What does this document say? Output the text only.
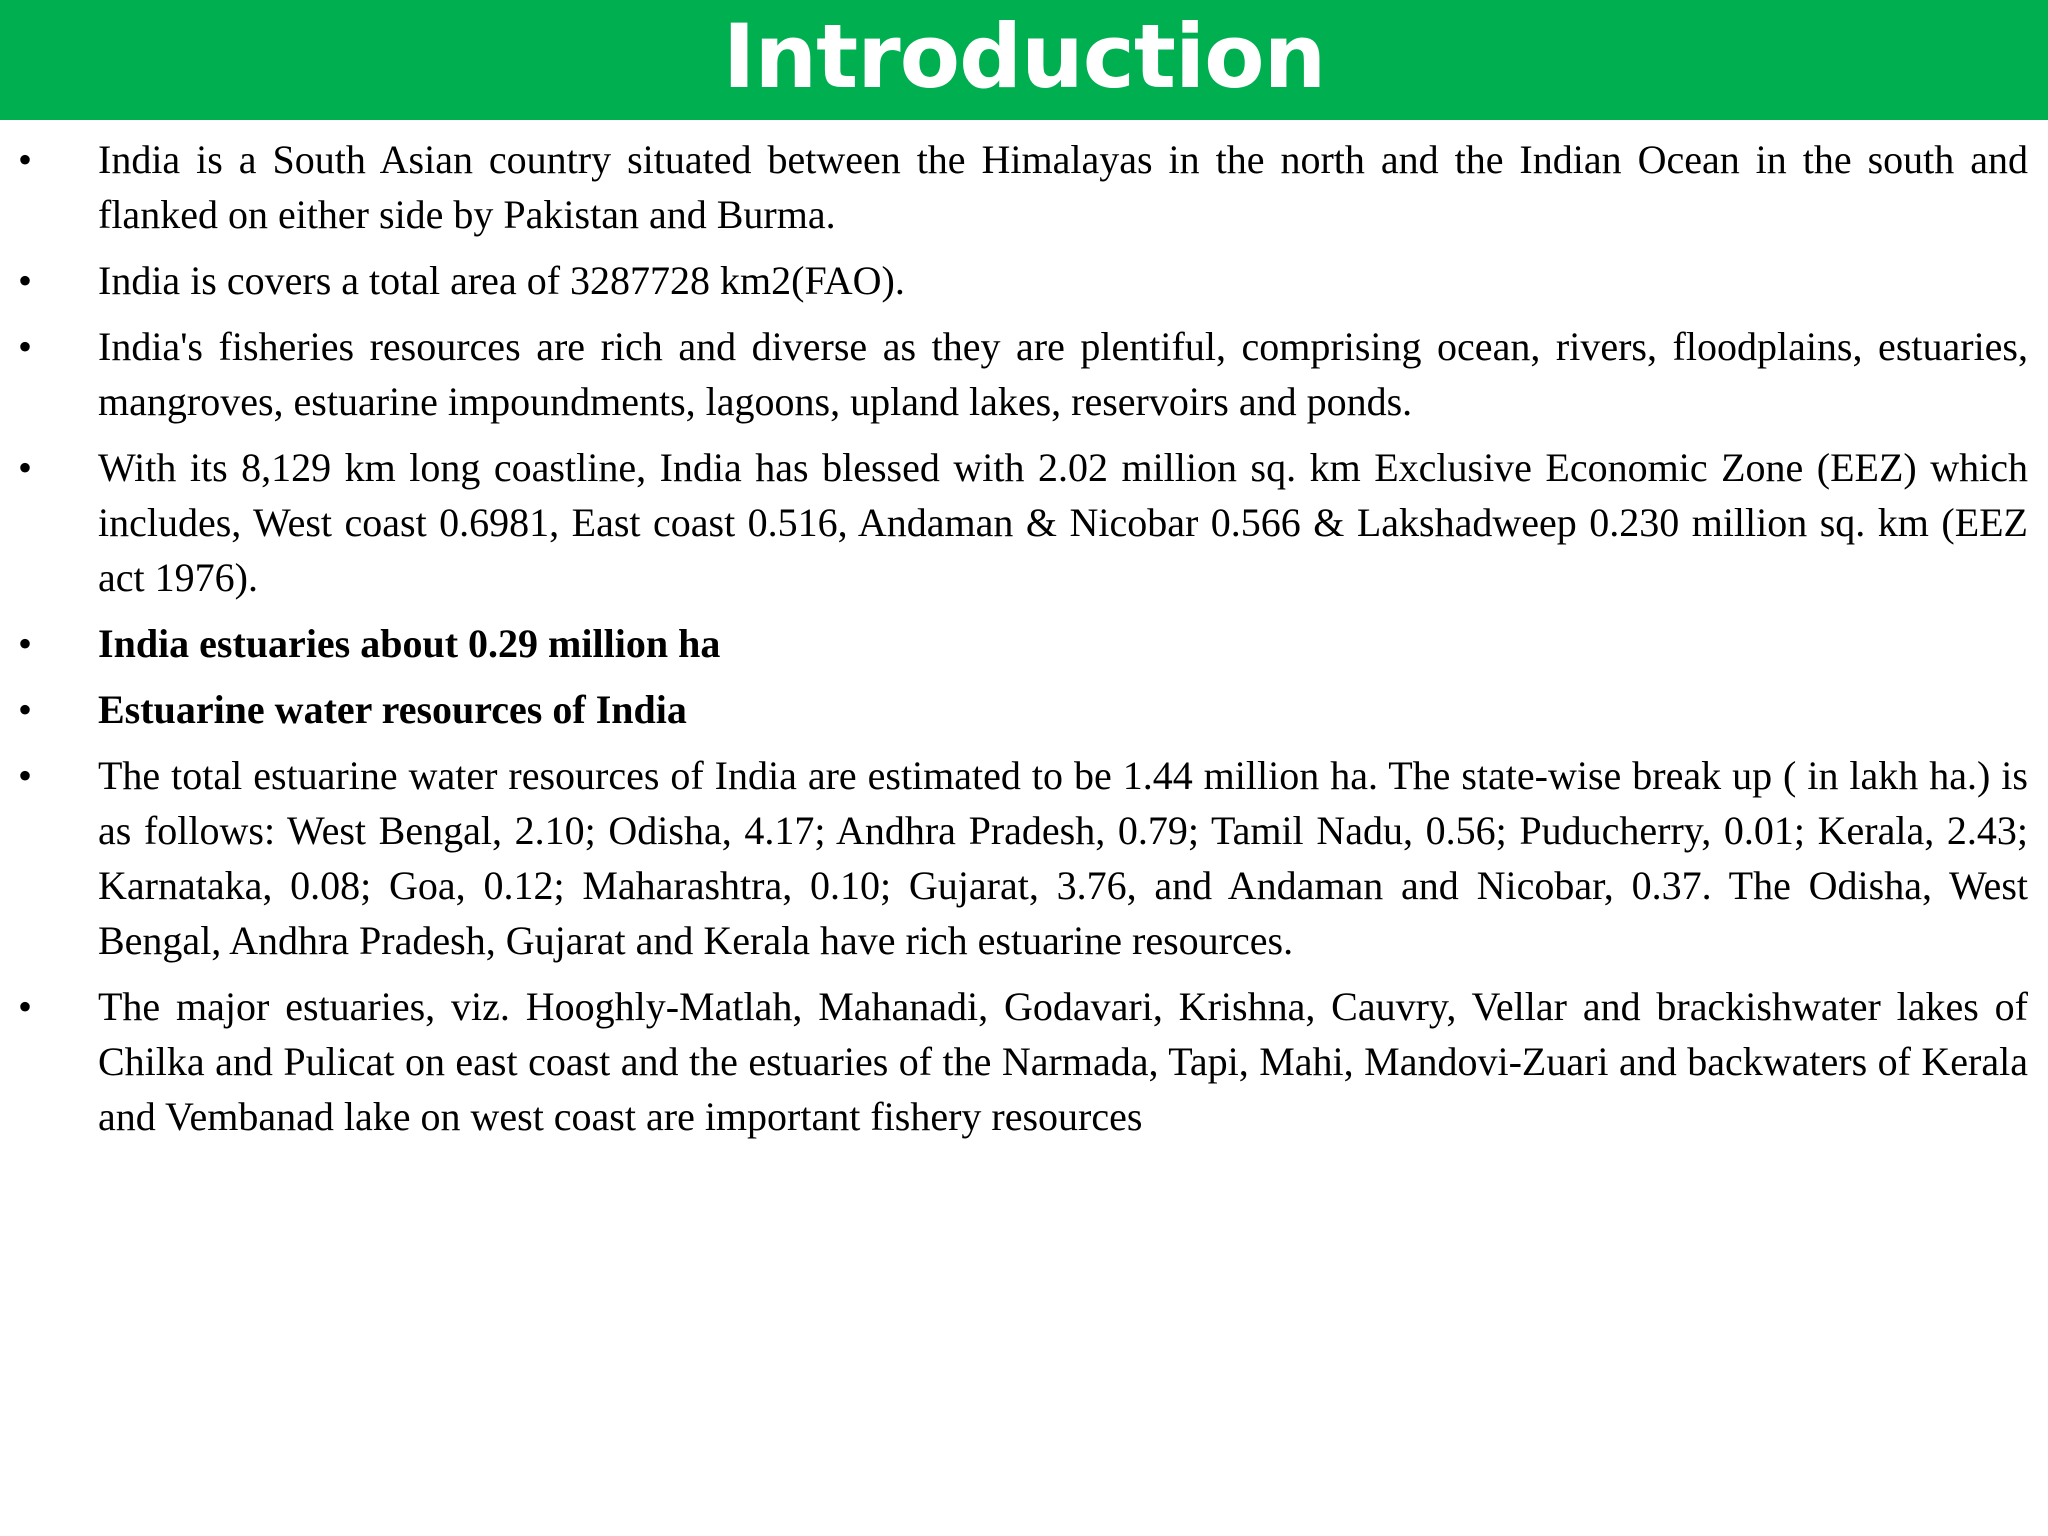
Introduction
• India is a South Asian country situated between the Himalayas in the north and the Indian Ocean in the south and flanked on either side by Pakistan and Burma.
• India is covers a total area of 3287728 km2(FAO).
• India's fisheries resources are rich and diverse as they are plentiful, comprising ocean, rivers, floodplains, estuaries, mangroves, estuarine impoundments, lagoons, upland lakes, reservoirs and ponds.
• With its 8,129 km long coastline, India has blessed with 2.02 million sq. km Exclusive Economic Zone (EEZ) which includes, West coast 0.6981, East coast 0.516, Andaman & Nicobar 0.566 & Lakshadweep 0.230 million sq. km (EEZ act 1976).
• India estuaries about 0.29 million ha
• Estuarine water resources of India
• The total estuarine water resources of India are estimated to be 1.44 million ha. The state-wise break up ( in lakh ha.) is as follows: West Bengal, 2.10; Odisha, 4.17; Andhra Pradesh, 0.79; Tamil Nadu, 0.56; Puducherry, 0.01; Kerala, 2.43; Karnataka, 0.08; Goa, 0.12; Maharashtra, 0.10; Gujarat, 3.76, and Andaman and Nicobar, 0.37. The Odisha, West Bengal, Andhra Pradesh, Gujarat and Kerala have rich estuarine resources.
• The major estuaries, viz. Hooghly-Matlah, Mahanadi, Godavari, Krishna, Cauvry, Vellar and brackishwater lakes of Chilka and Pulicat on east coast and the estuaries of the Narmada, Tapi, Mahi, Mandovi-Zuari and backwaters of Kerala and Vembanad lake on west coast are important fishery resources
